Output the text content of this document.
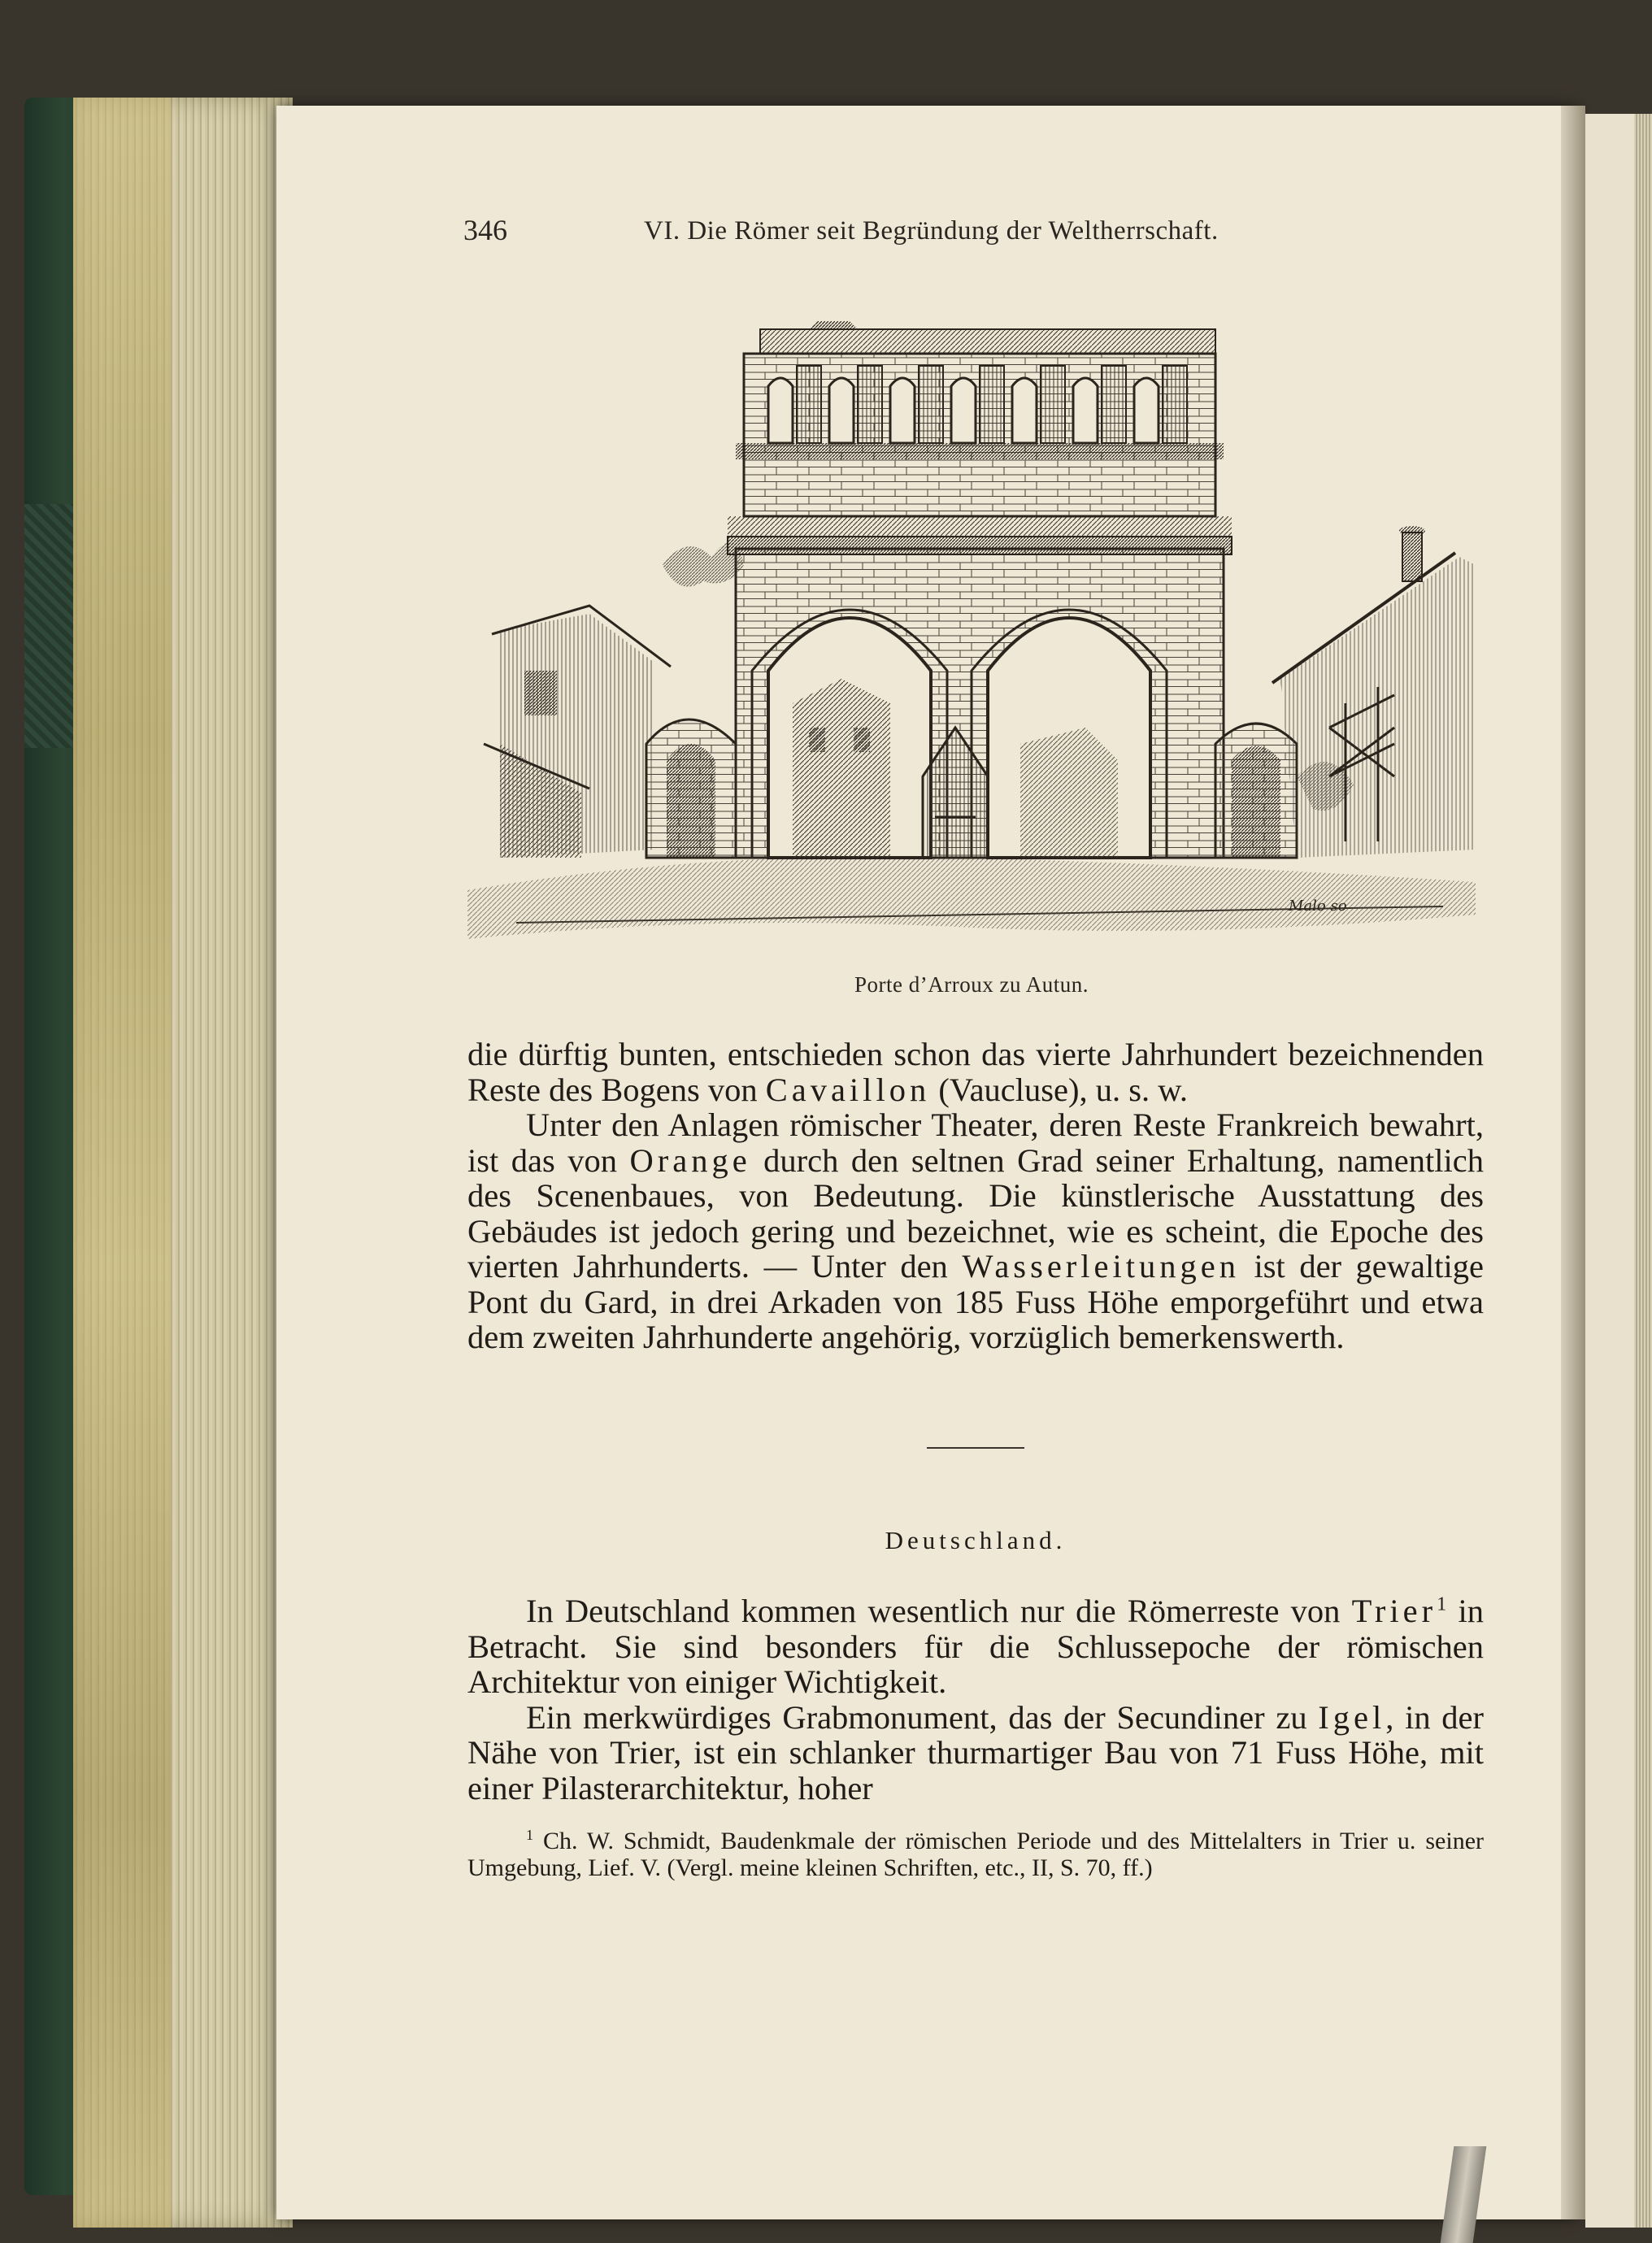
346	VI. Die Römer seit Begründung der Weltherrschaft.
Malo so
Porte d’Arroux zu Autun.

die dürftig bunten, entschieden schon das vierte Jahrhundert bezeichnenden Reste des Bogens von Cavaillon (Vaucluse), u. s. w.

Unter den Anlagen römischer Theater, deren Reste Frankreich bewahrt, ist das von Orange durch den seltnen Grad seiner Erhaltung, namentlich des Scenenbaues, von Bedeutung. Die künstlerische Ausstattung des Gebäudes ist jedoch gering und bezeichnet, wie es scheint, die Epoche des vierten Jahrhunderts. — Unter den Wasserleitungen ist der gewaltige Pont du Gard, in drei Arkaden von 185 Fuss Höhe emporgeführt und etwa dem zweiten Jahrhunderte angehörig, vorzüglich bemerkenswerth.

Deutschland.

In Deutschland kommen wesentlich nur die Römerreste von Trier$^1$ in Betracht. Sie sind besonders für die Schlussepoche der römischen Architektur von einiger Wichtigkeit.

Ein merkwürdiges Grabmonument, das der Secundiner zu Igel, in der Nähe von Trier, ist ein schlanker thurmartiger Bau von 71 Fuss Höhe, mit einer Pilasterarchitektur, hoher

$^1$ Ch. W. Schmidt, Baudenkmale der römischen Periode und des Mittelalters in Trier u. seiner Umgebung, Lief. V. (Vergl. meine kleinen Schriften, etc., II, S. 70, ff.)
